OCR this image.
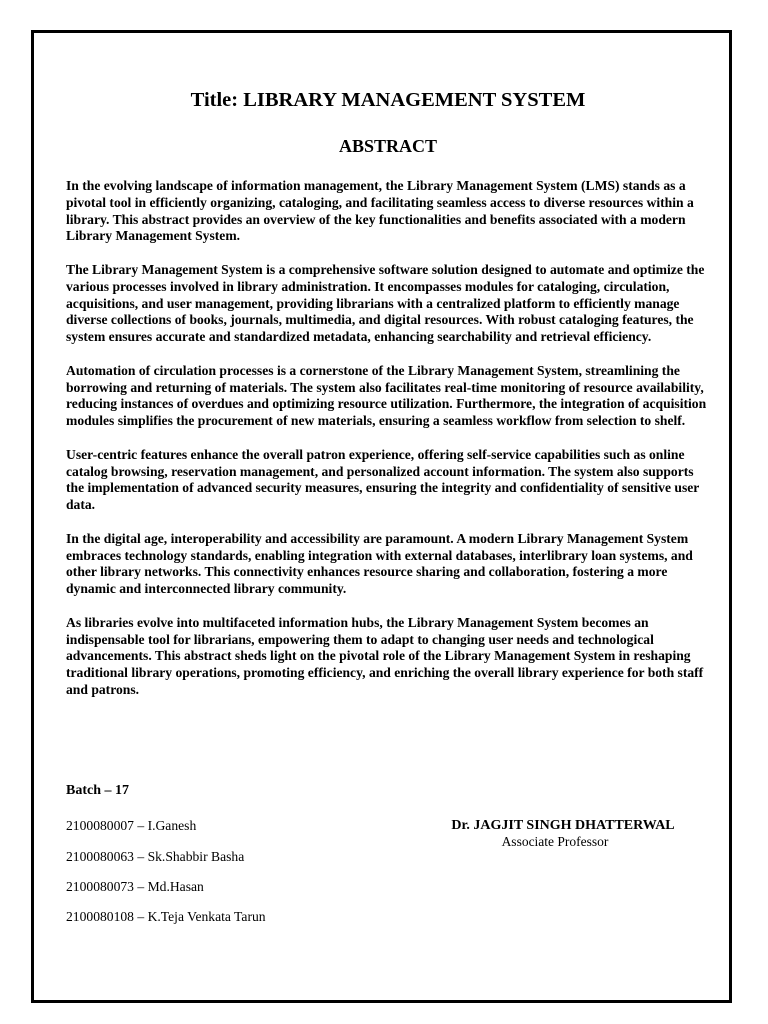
Title: LIBRARY MANAGEMENT SYSTEM
ABSTRACT

In the evolving landscape of information management, the Library Management System (LMS) stands as a pivotal tool in efficiently organizing, cataloging, and facilitating seamless access to diverse resources within a library. This abstract provides an overview of the key functionalities and benefits associated with a modern Library Management System.

The Library Management System is a comprehensive software solution designed to automate and optimize the various processes involved in library administration. It encompasses modules for cataloging, circulation, acquisitions, and user management, providing librarians with a centralized platform to efficiently manage diverse collections of books, journals, multimedia, and digital resources. With robust cataloging features, the system ensures accurate and standardized metadata, enhancing searchability and retrieval efficiency.

Automation of circulation processes is a cornerstone of the Library Management System, streamlining the borrowing and returning of materials. The system also facilitates real-time monitoring of resource availability, reducing instances of overdues and optimizing resource utilization. Furthermore, the integration of acquisition modules simplifies the procurement of new materials, ensuring a seamless workflow from selection to shelf.

User-centric features enhance the overall patron experience, offering self-service capabilities such as online catalog browsing, reservation management, and personalized account information. The system also supports the implementation of advanced security measures, ensuring the integrity and confidentiality of sensitive user data.

In the digital age, interoperability and accessibility are paramount. A modern Library Management System embraces technology standards, enabling integration with external databases, interlibrary loan systems, and other library networks. This connectivity enhances resource sharing and collaboration, fostering a more dynamic and interconnected library community.

As libraries evolve into multifaceted information hubs, the Library Management System becomes an indispensable tool for librarians, empowering them to adapt to changing user needs and technological advancements. This abstract sheds light on the pivotal role of the Library Management System in reshaping traditional library operations, promoting efficiency, and enriching the overall library experience for both staff and patrons.

Batch – 17

2100080007 – I.Ganesh

2100080063 – Sk.Shabbir Basha

2100080073 – Md.Hasan

2100080108 – K.Teja Venkata Tarun

Dr. JAGJIT SINGH DHATTERWAL

Associate Professor
